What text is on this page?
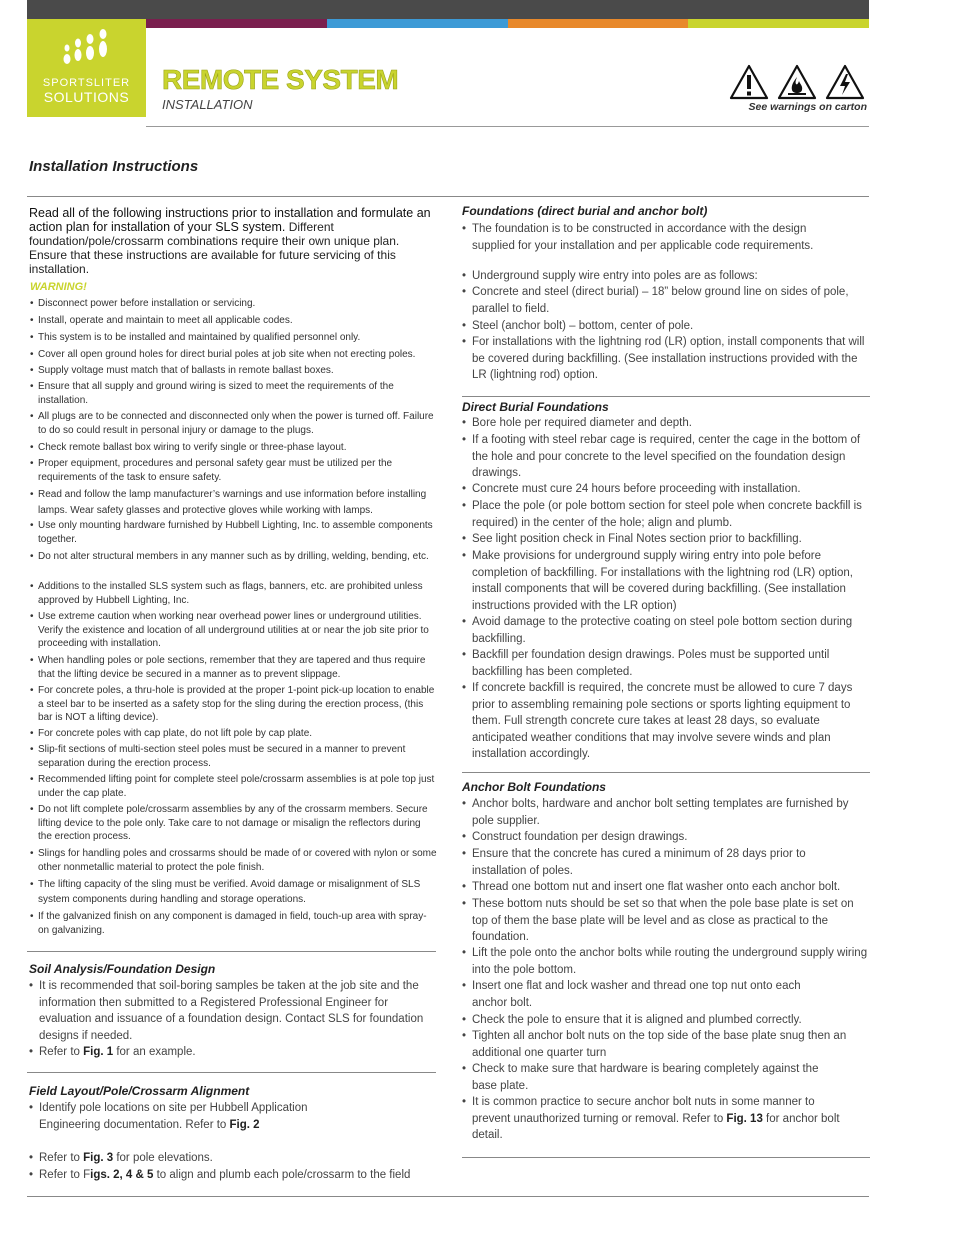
SPORTSLITER
SOLUTIONS
REMOTE SYSTEM
INSTALLATION	See warnings on carton
Installation Instructions
Read all of the following instructions prior to installation and formulate an action plan for installation of your SLS system. Different foundation/pole/crossarm combinations require their own unique plan. Ensure that these instructions are available for future servicing of this installation.
WARNING!
• Disconnect power before installation or servicing.
• Install, operate and maintain to meet all applicable codes.
• This system is to be installed and maintained by qualified personnel only.
• Cover all open ground holes for direct burial poles at job site when not erecting poles.
• Supply voltage must match that of ballasts in remote ballast boxes.
• Ensure that all supply and ground wiring is sized to meet the requirements of the installation.
• All plugs are to be connected and disconnected only when the power is turned off. Failure to do so could result in personal injury or damage to the plugs.
• Check remote ballast box wiring to verify single or three-phase layout.
• Proper equipment, procedures and personal safety gear must be utilized per the requirements of the task to ensure safety.
• Read and follow the lamp manufacturer’s warnings and use information before installing lamps. Wear safety glasses and protective gloves while working with lamps.
• Use only mounting hardware furnished by Hubbell Lighting, Inc. to assemble components together.
• Do not alter structural members in any manner such as by drilling, welding, bending, etc.
• Additions to the installed SLS system such as flags, banners, etc. are prohibited unless approved by Hubbell Lighting, Inc.
• Use extreme caution when working near overhead power lines or underground utilities. Verify the existence and location of all underground utilities at or near the job site prior to proceeding with installation.
• When handling poles or pole sections, remember that they are tapered and thus require that the lifting device be secured in a manner as to prevent slippage.
• For concrete poles, a thru-hole is provided at the proper 1-point pick-up location to enable a steel bar to be inserted as a safety stop for the sling during the erection process, (this bar is NOT a lifting device).
• For concrete poles with cap plate, do not lift pole by cap plate.
• Slip-fit sections of multi-section steel poles must be secured in a manner to prevent separation during the erection process.
• Recommended lifting point for complete steel pole/crossarm assemblies is at pole top just under the cap plate.
• Do not lift complete pole/crossarm assemblies by any of the crossarm members. Secure lifting device to the pole only. Take care to not damage or misalign the reflectors during the erection process.
• Slings for handling poles and crossarms should be made of or covered with nylon or some other nonmetallic material to protect the pole finish.
• The lifting capacity of the sling must be verified. Avoid damage or misalignment of SLS system components during handling and storage operations.
• If the galvanized finish on any component is damaged in field, touch-up area with spray-on galvanizing.
Soil Analysis/Foundation Design
• It is recommended that soil-boring samples be taken at the job site and the information then submitted to a Registered Professional Engineer for evaluation and issuance of a foundation design. Contact SLS for foundation designs if needed.
• Refer to Fig. 1 for an example.
Field Layout/Pole/Crossarm Alignment
• Identify pole locations on site per Hubbell Application Engineering documentation. Refer to Fig. 2
• Refer to Fig. 3 for pole elevations.
• Refer to Figs. 2, 4 & 5 to align and plumb each pole/crossarm to the field
Foundations (direct burial and anchor bolt)
• The foundation is to be constructed in accordance with the design supplied for your installation and per applicable code requirements.
• Underground supply wire entry into poles are as follows:
• Concrete and steel (direct burial) – 18” below ground line on sides of pole, parallel to field.
• Steel (anchor bolt) – bottom, center of pole.
• For installations with the lightning rod (LR) option, install components that will be covered during backfilling. (See installation instructions provided with the LR (lightning rod) option.
Direct Burial Foundations
• Bore hole per required diameter and depth.
• If a footing with steel rebar cage is required, center the cage in the bottom of the hole and pour concrete to the level specified on the foundation design drawings.
• Concrete must cure 24 hours before proceeding with installation.
• Place the pole (or pole bottom section for steel pole when concrete backfill is required) in the center of the hole; align and plumb.
• See light position check in Final Notes section prior to backfilling.
• Make provisions for underground supply wiring entry into pole before completion of backfilling. For installations with the lightning rod (LR) option, install components that will be covered during backfilling. (See installation instructions provided with the LR option)
• Avoid damage to the protective coating on steel pole bottom section during backfilling.
• Backfill per foundation design drawings. Poles must be supported until backfilling has been completed.
• If concrete backfill is required, the concrete must be allowed to cure 7 days prior to assembling remaining pole sections or sports lighting equipment to them. Full strength concrete cure takes at least 28 days, so evaluate anticipated weather conditions that may involve severe winds and plan installation accordingly.
Anchor Bolt Foundations
• Anchor bolts, hardware and anchor bolt setting templates are furnished by pole supplier.
• Construct foundation per design drawings.
• Ensure that the concrete has cured a minimum of 28 days prior to installation of poles.
• Thread one bottom nut and insert one flat washer onto each anchor bolt.
• These bottom nuts should be set so that when the pole base plate is set on top of them the base plate will be level and as close as practical to the foundation.
• Lift the pole onto the anchor bolts while routing the underground supply wiring into the pole bottom.
• Insert one flat and lock washer and thread one top nut onto each anchor bolt.
• Check the pole to ensure that it is aligned and plumbed correctly.
• Tighten all anchor bolt nuts on the top side of the base plate snug then an additional one quarter turn
• Check to make sure that hardware is bearing completely against the base plate.
• It is common practice to secure anchor bolt nuts in some manner to prevent unauthorized turning or removal. Refer to Fig. 13 for anchor bolt detail.
